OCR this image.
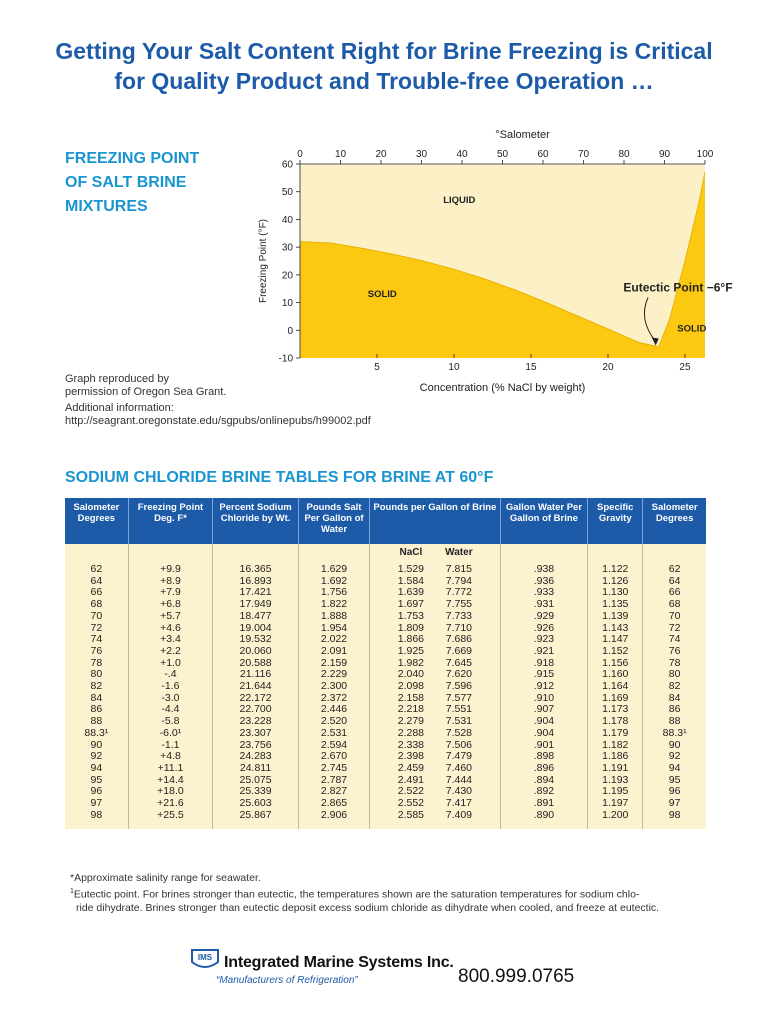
Getting Your Salt Content Right for Brine Freezing is Critical
for Quality Product and Trouble-free Operation …
FREEZING POINT
OF SALT BRINE
MIXTURES
-10
0
10
20
30
40
50
60
5	10	15	20	25
0	10	20	30	40	50	60	70	80	90	100
°Salometer
Concentration (% NaCl by weight)
Freezing Point (°F)
LIQUID
SOLID
SOLID
Eutectic Point −6°F
Graph reproduced by
permission of Oregon Sea Grant.
Additional information:
http://seagrant.oregonstate.edu/sgpubs/onlinepubs/h99002.pdf
SODIUM CHLORIDE BRINE TABLES FOR BRINE AT 60°F
Salometer Degrees	Freezing Point Deg. F*	Percent Sodium Chloride by Wt.	Pounds Salt Per Gallon of Water	Pounds per Gallon of Brine	Gallon Water Per Gallon of Brine	Specific Gravity	Salometer Degrees

				NaCl Water			

62	+9.9	16.365	1.629	1.529 7.815	.938	1.122	62
64	+8.9	16.893	1.692	1.584 7.794	.936	1.126	64
66	+7.9	17.421	1.756	1.639 7.772	.933	1.130	66
68	+6.8	17.949	1.822	1.697 7.755	.931	1.135	68
70	+5.7	18.477	1.888	1.753 7.733	.929	1.139	70
72	+4.6	19.004	1.954	1.809 7.710	.926	1.143	72
74	+3.4	19.532	2.022	1.866 7.686	.923	1.147	74
76	+2.2	20.060	2.091	1.925 7.669	.921	1.152	76
78	+1.0	20.588	2.159	1.982 7.645	.918	1.156	78
80	-.4	21.116	2.229	2.040 7.620	.915	1.160	80
82	-1.6	21.644	2.300	2.098 7.596	.912	1.164	82
84	-3.0	22.172	2.372	2.158 7.577	.910	1.169	84
86	-4.4	22.700	2.446	2.218 7.551	.907	1.173	86
88	-5.8	23.228	2.520	2.279 7.531	.904	1.178	88
88.3¹	-6.0¹	23.307	2.531	2.288 7.528	.904	1.179	88.3¹
90	-1.1	23.756	2.594	2.338 7.506	.901	1.182	90
92	+4.8	24.283	2.670	2.398 7.479	.898	1.186	92
94	+11.1	24.811	2.745	2.459 7.460	.896	1.191	94
95	+14.4	25.075	2.787	2.491 7.444	.894	1.193	95
96	+18.0	25.339	2.827	2.522 7.430	.892	1.195	96
97	+21.6	25.603	2.865	2.552 7.417	.891	1.197	97
98	+25.5	25.867	2.906	2.585 7.409	.890	1.200	98
*Approximate salinity range for seawater.
$^1$Eutectic point. For brines stronger than eutectic, the temperatures shown are the saturation temperatures for sodium chlo-
ride dihydrate. Brines stronger than eutectic deposit excess sodium chloride as dihydrate when cooled, and freeze at eutectic.
IMS Integrated Marine Systems Inc.
“Manufacturers of Refrigeration”	800.999.0765
